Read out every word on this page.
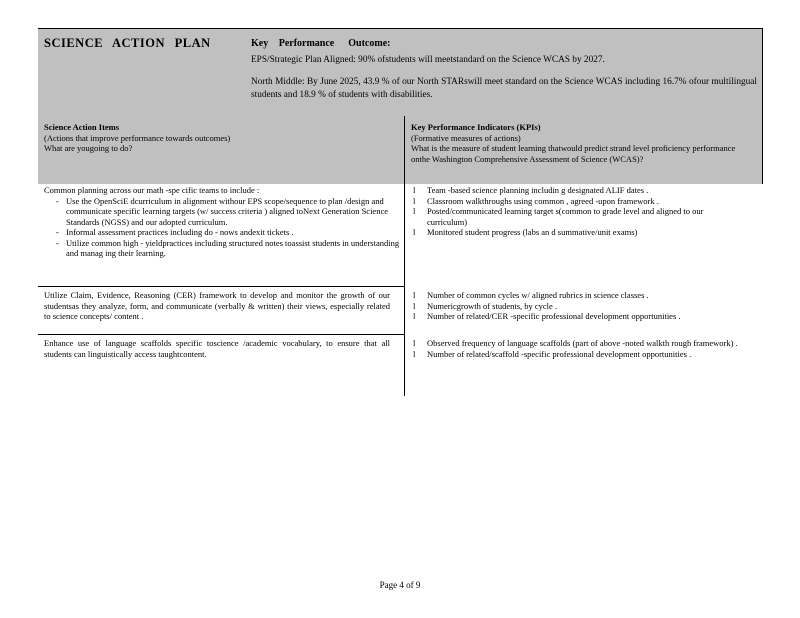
SCIENCE ACTION PLAN	Key Performance Outcome:
EPS/Strategic Plan Aligned: 90% ofstudents will meetstandard on the Science WCAS by 2027.
North Middle: By June 2025, 43.9 % of our North STARswill meet standard on the Science WCAS including 16.7% ofour multilingual students and 18.9 % of students with disabilities.
Science Action Items
(Actions that improve performance towards outcomes)
What are yougoing to do?
Key Performance Indicators (KPIs)
(Formative measures of actions)
What is the measure of student learning thatwould predict strand level proficiency performance onthe Washington Comprehensive Assessment of Science (WCAS)?
Common planning across our math -spe cific teams to include :
- Use the OpenSciE dcurriculum in alignment withour EPS scope/sequence to plan /design and communicate specific learning targets (w/ success criteria ) aligned toNext Generation Science Standards (NGSS) and our adopted curriculum.
- Informal assessment practices including do - nows andexit tickets .
- Utilize common high - yieldpractices including structured notes toassist students in understanding and manag ing their learning.
l Team -based science planning includin g designated ALIF dates .
l Classroom walkthroughs using common , agreed -upon framework .
l Posted/communicated learning target s(common to grade level and aligned to our curriculum)
l Monitored student progress (labs an d summative/unit exams)
Utilize Claim, Evidence, Reasoning (CER) framework to develop and monitor the growth of our studentsas they analyze, form, and communicate (verbally & written) their views, especially related to science concepts/ content .
l Number of common cycles w/ aligned rubrics in science classes .
l Numericgrowth of students, by cycle .
l Number of related/CER -specific professional development opportunities .
Enhance use of language scaffolds specific toscience /academic vocabulary, to ensure that all students can linguistically access taughtcontent.
l Observed frequency of language scaffolds (part of above -noted walkth rough framework) .
l Number of related/scaffold -specific professional development opportunities .
Page 4 of 9
